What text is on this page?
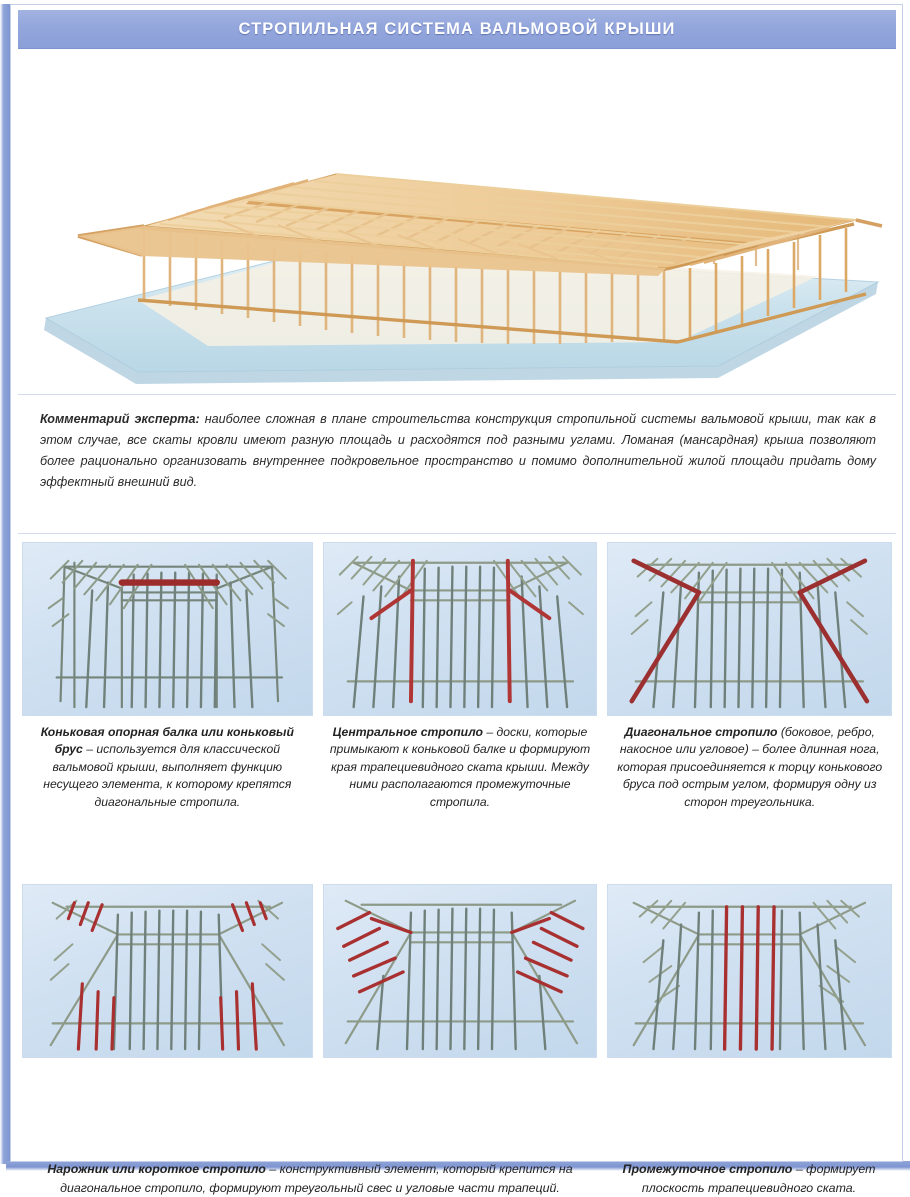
СТРОПИЛЬНАЯ СИСТЕМА ВАЛЬМОВОЙ КРЫШИ

Комментарий эксперта: наиболее сложная в плане строительства конструкция стропильной системы вальмовой крыши, так как в этом случае, все скаты кровли имеют разную площадь и расходятся под разными углами. Ломаная (мансардная) крыша позволяют более рационально организовать внутреннее подкровельное пространство и помимо дополнительной жилой площади придать дому эффектный внешний вид.

Коньковая опорная балка или коньковый брус – используется для классической вальмовой крыши, выполняет функцию несущего элемента, к которому крепятся диагональные стропила.
Центральное стропило – доски, которые примыкают к коньковой балке и формируют края трапециевидного ската крыши. Между ними располагаются промежуточные стропила.
Диагональное стропило (боковое, ребро, накосное или угловое) – более длинная нога, которая присоединяется к торцу конькового бруса под острым углом, формируя одну из сторон треугольника.
Нарожник или короткое стропило – конструктивный элемент, который крепится на диагональное стропило, формируют треугольный свес и угловые части трапеций.
Промежуточное стропило – формирует плоскость трапециевидного ската.
